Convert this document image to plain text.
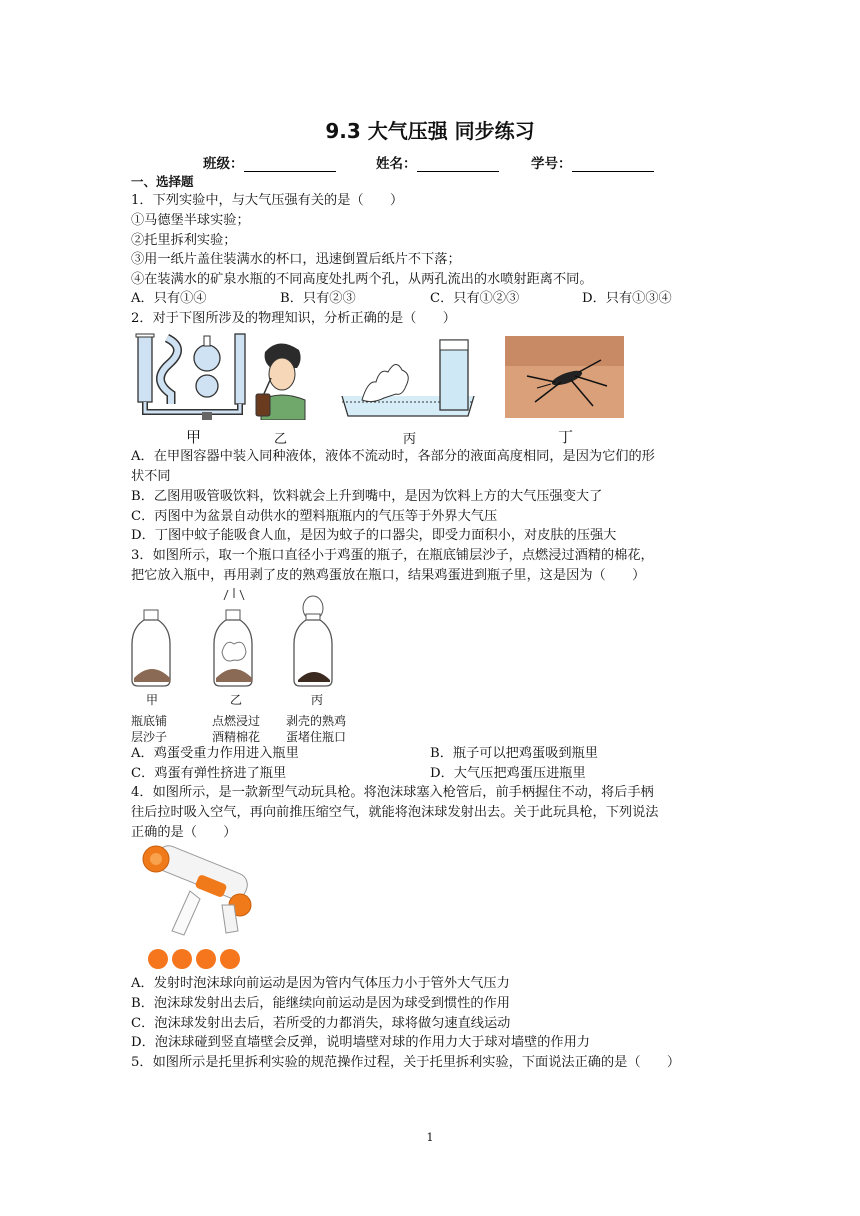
9.3 大气压强 同步练习
班级：	姓名：	学号：
一、选择题
1．下列实验中，与大气压强有关的是（　　）
①马德堡半球实验；
②托里拆利实验；
③用一纸片盖住装满水的杯口，迅速倒置后纸片不下落；
④在装满水的矿泉水瓶的不同高度处扎两个孔，从两孔流出的水喷射距离不同。
A．只有①④	B．只有②③	C．只有①②③	D．只有①③④
2．对于下图所涉及的物理知识，分析正确的是（　　）
甲	乙	丙	丁
A．在甲图容器中装入同种液体，液体不流动时，各部分的液面高度相同，是因为它们的形
状不同
B．乙图用吸管吸饮料，饮料就会上升到嘴中，是因为饮料上方的大气压强变大了
C．丙图中为盆景自动供水的塑料瓶瓶内的气压等于外界大气压
D．丁图中蚊子能吸食人血，是因为蚊子的口器尖，即受力面积小，对皮肤的压强大
3．如图所示，取一个瓶口直径小于鸡蛋的瓶子，在瓶底铺层沙子，点燃浸过酒精的棉花，
把它放入瓶中，再用剥了皮的熟鸡蛋放在瓶口，结果鸡蛋进到瓶子里，这是因为（　　）
甲	乙	丙
瓶底铺
层沙子
点燃浸过
酒精棉花
剥壳的熟鸡
蛋堵住瓶口
A．鸡蛋受重力作用进入瓶里	B．瓶子可以把鸡蛋吸到瓶里
C．鸡蛋有弹性挤进了瓶里	D．大气压把鸡蛋压进瓶里
4．如图所示，是一款新型气动玩具枪。将泡沫球塞入枪管后，前手柄握住不动，将后手柄
往后拉时吸入空气，再向前推压缩空气，就能将泡沫球发射出去。关于此玩具枪，下列说法
正确的是（　　）
A．发射时泡沫球向前运动是因为管内气体压力小于管外大气压力
B．泡沫球发射出去后，能继续向前运动是因为球受到惯性的作用
C．泡沫球发射出去后，若所受的力都消失，球将做匀速直线运动
D．泡沫球碰到竖直墙壁会反弹，说明墙壁对球的作用力大于球对墙壁的作用力
5．如图所示是托里拆利实验的规范操作过程，关于托里拆利实验，下面说法正确的是（　　）
1
